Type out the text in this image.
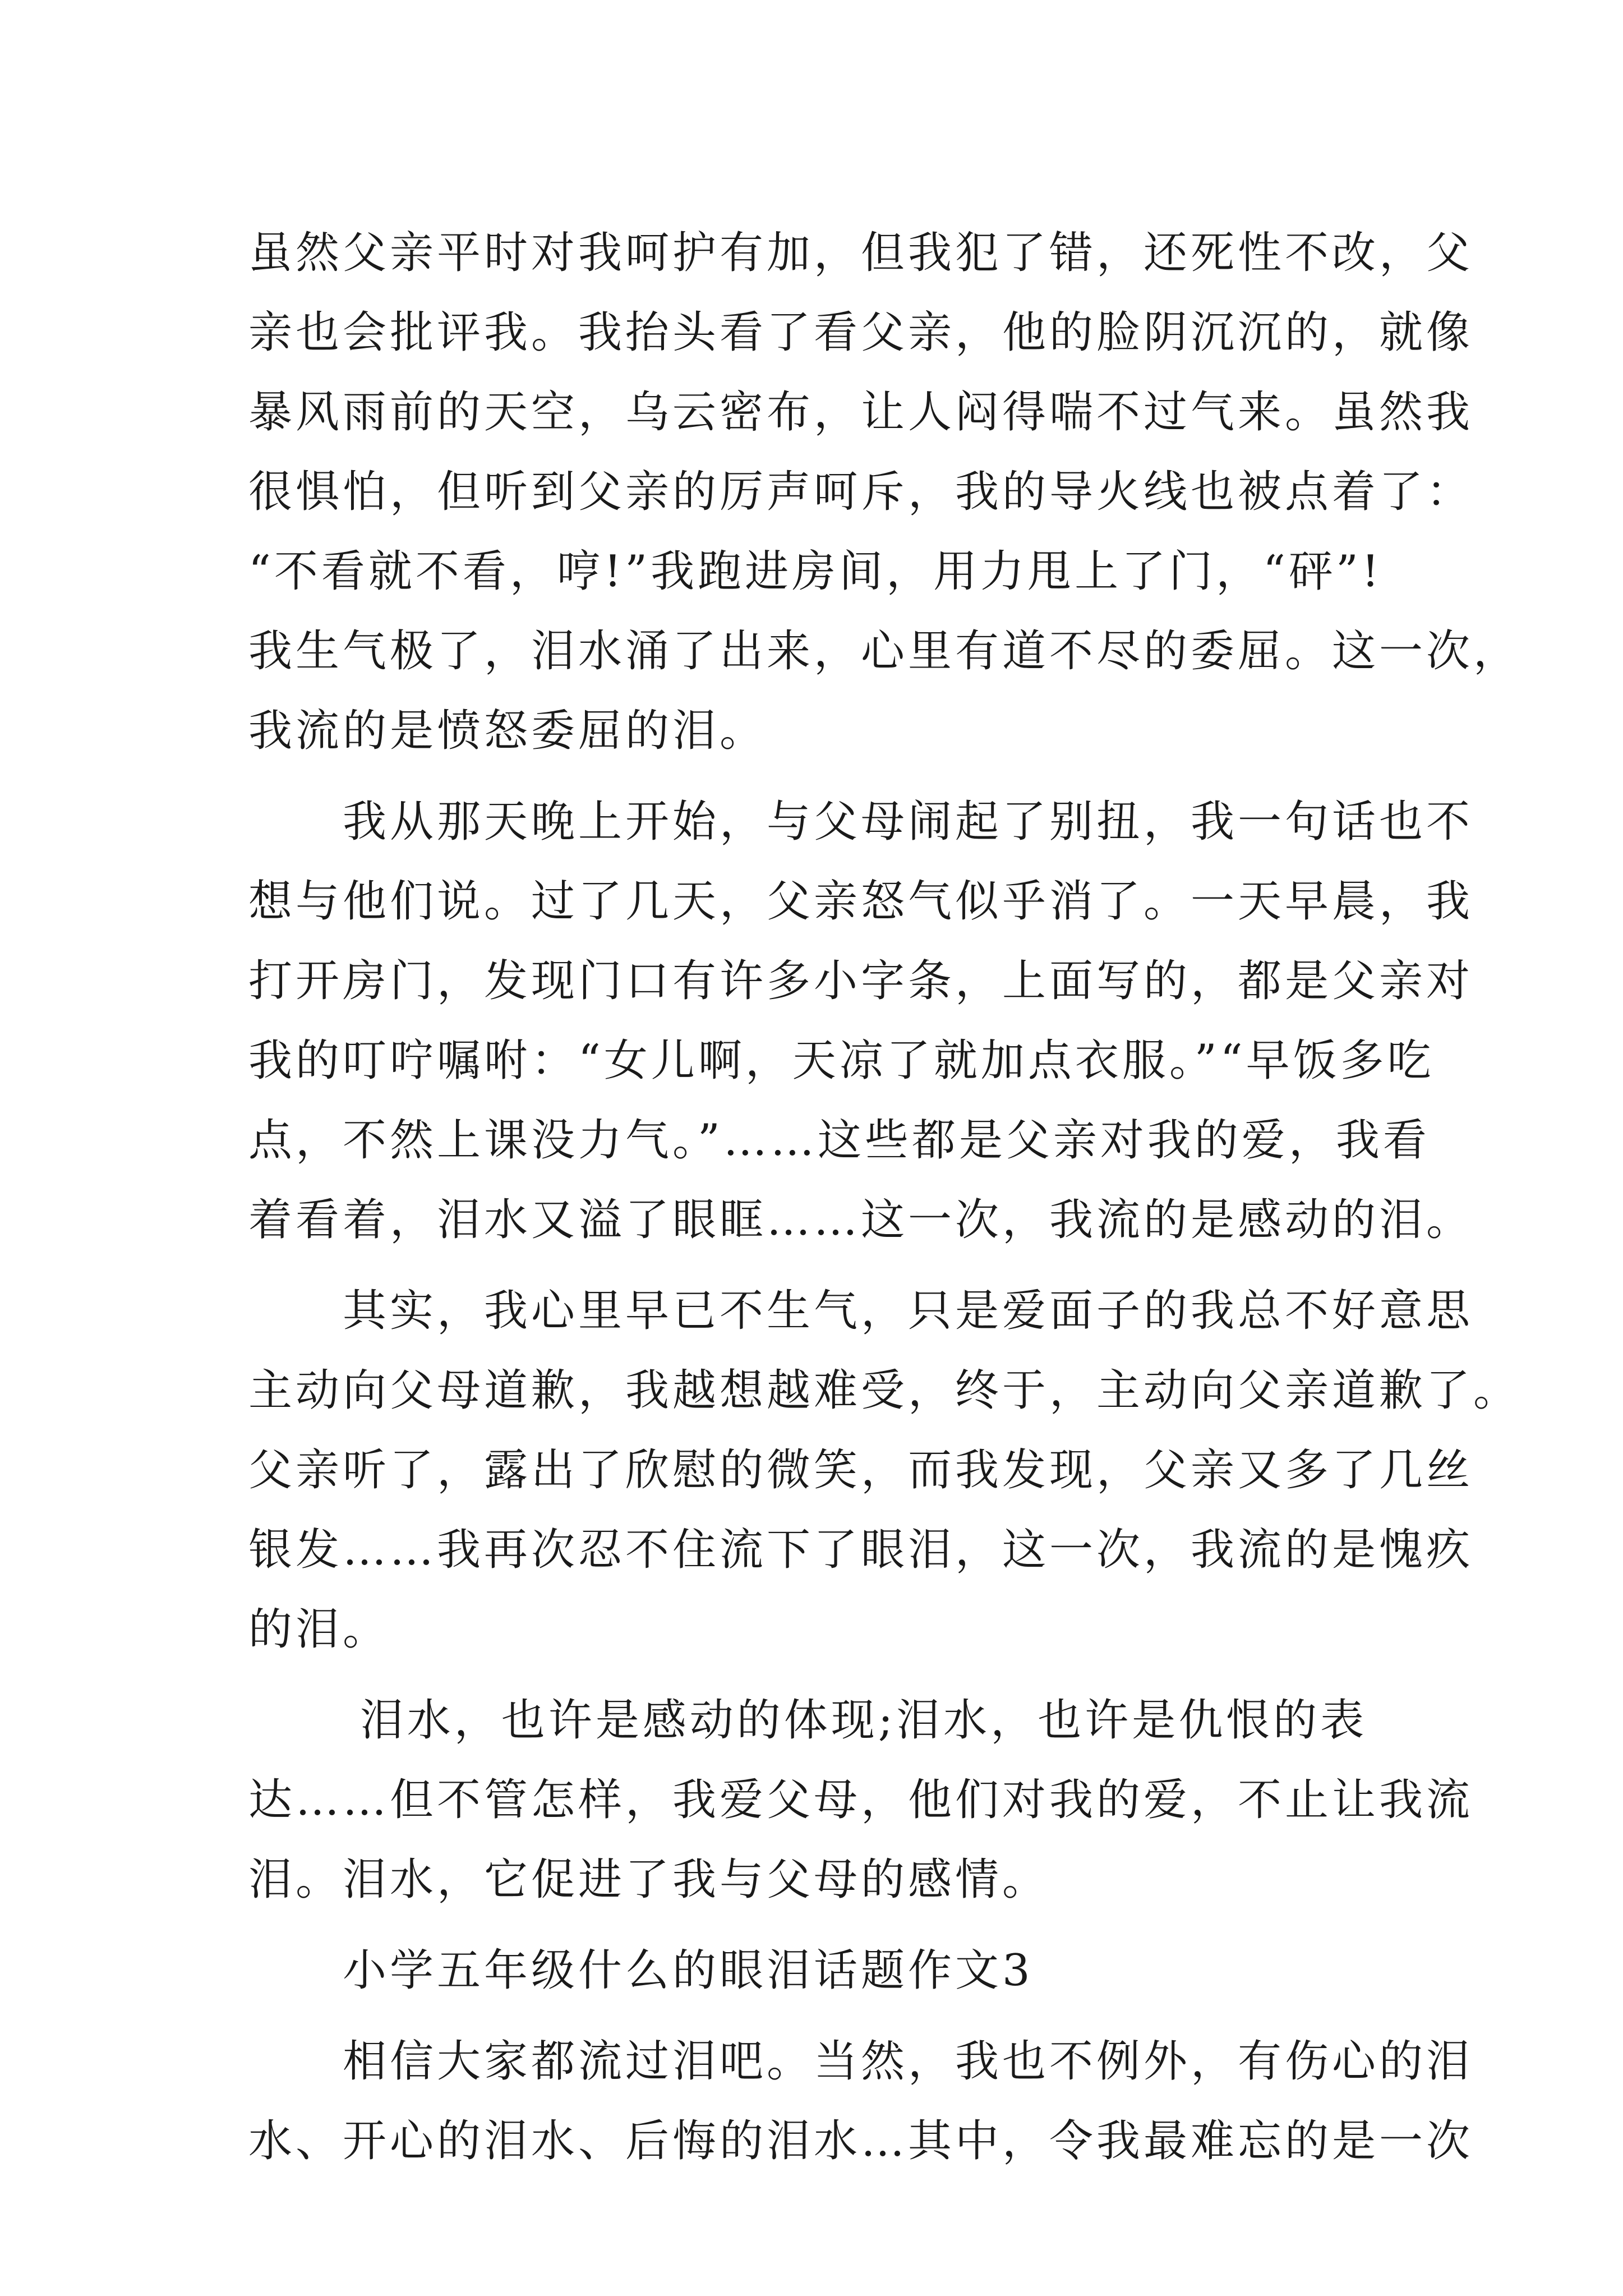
虽然父亲平时对我呵护有加，但我犯了错，还死性不改，父
亲也会批评我。我抬头看了看父亲，他的脸阴沉沉的，就像
暴风雨前的天空，乌云密布，让人闷得喘不过气来。虽然我
很惧怕，但听到父亲的厉声呵斥，我的导火线也被点着了：
“不看就不看，哼!”我跑进房间，用力甩上了门，“砰”!
我生气极了，泪水涌了出来，心里有道不尽的委屈。这一次，
我流的是愤怒委屈的泪。
　　我从那天晚上开始，与父母闹起了别扭，我一句话也不
想与他们说。过了几天，父亲怒气似乎消了。一天早晨，我
打开房门，发现门口有许多小字条，上面写的，都是父亲对
我的叮咛嘱咐：“女儿啊，天凉了就加点衣服。”“早饭多吃
点，不然上课没力气。”……这些都是父亲对我的爱，我看
着看着，泪水又溢了眼眶……这一次，我流的是感动的泪。
　　其实，我心里早已不生气，只是爱面子的我总不好意思
主动向父母道歉，我越想越难受，终于，主动向父亲道歉了。
父亲听了，露出了欣慰的微笑，而我发现，父亲又多了几丝
银发……我再次忍不住流下了眼泪，这一次，我流的是愧疚
的泪。
　　 泪水，也许是感动的体现;泪水，也许是仇恨的表
达……但不管怎样，我爱父母，他们对我的爱，不止让我流
泪。泪水，它促进了我与父母的感情。
　　小学五年级什么的眼泪话题作文3
　　相信大家都流过泪吧。当然，我也不例外，有伤心的泪
水、开心的泪水、后悔的泪水…其中，令我最难忘的是一次
